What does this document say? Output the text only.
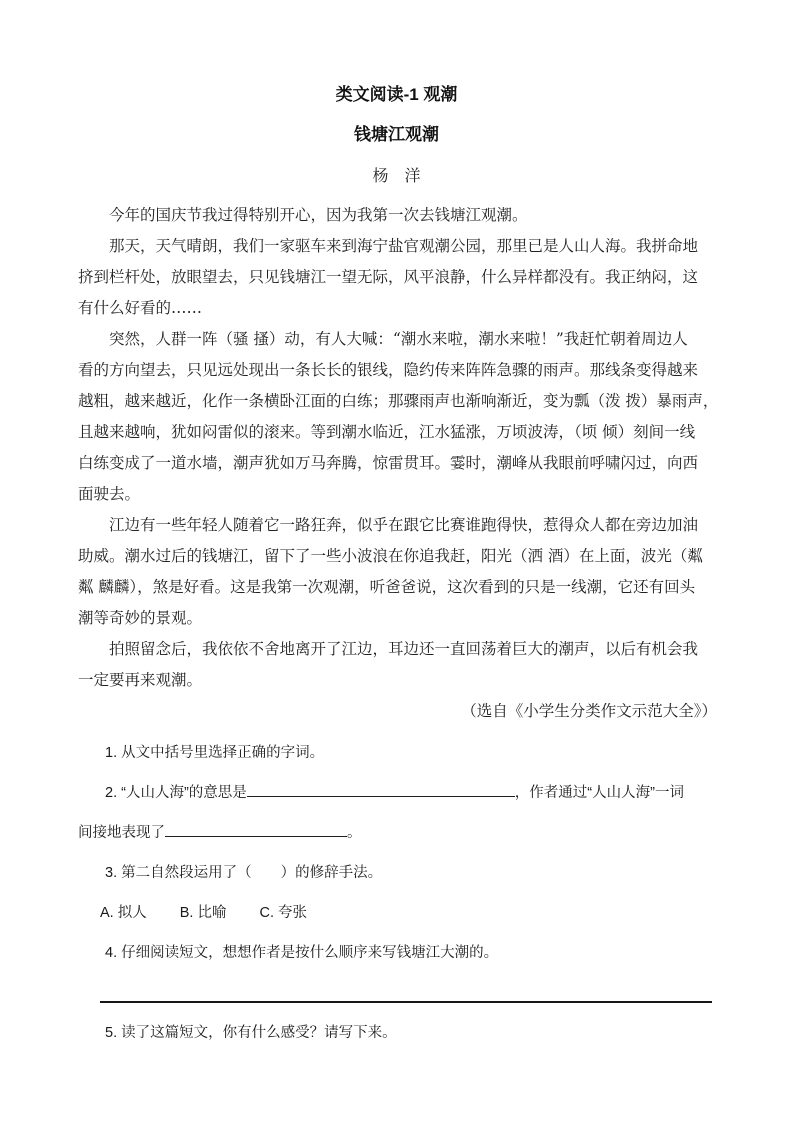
类文阅读-1 观潮
钱塘江观潮
杨　洋
今年的国庆节我过得特别开心，因为我第一次去钱塘江观潮。
那天，天气晴朗，我们一家驱车来到海宁盐官观潮公园，那里已是人山人海。我拼命地
挤到栏杆处，放眼望去，只见钱塘江一望无际，风平浪静，什么异样都没有。我正纳闷，这
有什么好看的……
突然，人群一阵（骚 搔）动，有人大喊：“潮水来啦，潮水来啦！”我赶忙朝着周边人
看的方向望去，只见远处现出一条长长的银线，隐约传来阵阵急骤的雨声。那线条变得越来
越粗，越来越近，化作一条横卧江面的白练；那骤雨声也渐响渐近，变为瓢（泼 拨）暴雨声，
且越来越响，犹如闷雷似的滚来。等到潮水临近，江水猛涨，万顷波涛，（顷 倾）刻间一线
白练变成了一道水墙，潮声犹如万马奔腾，惊雷贯耳。霎时，潮峰从我眼前呼啸闪过，向西
面驶去。
江边有一些年轻人随着它一路狂奔，似乎在跟它比赛谁跑得快，惹得众人都在旁边加油
助威。潮水过后的钱塘江，留下了一些小波浪在你追我赶，阳光（洒 酒）在上面，波光（粼
粼 麟麟），煞是好看。这是我第一次观潮，听爸爸说，这次看到的只是一线潮，它还有回头
潮等奇妙的景观。
拍照留念后，我依依不舍地离开了江边，耳边还一直回荡着巨大的潮声，以后有机会我
一定要再来观潮。
（选自《小学生分类作文示范大全》）
1. 从文中括号里选择正确的字词。
2. “人山人海”的意思是	，作者通过“人山人海”一词
间接地表现了	。
3. 第二自然段运用了（　　）的修辞手法。
A. 拟人 B. 比喻 C. 夸张
4. 仔细阅读短文，想想作者是按什么顺序来写钱塘江大潮的。
5. 读了这篇短文，你有什么感受？请写下来。
